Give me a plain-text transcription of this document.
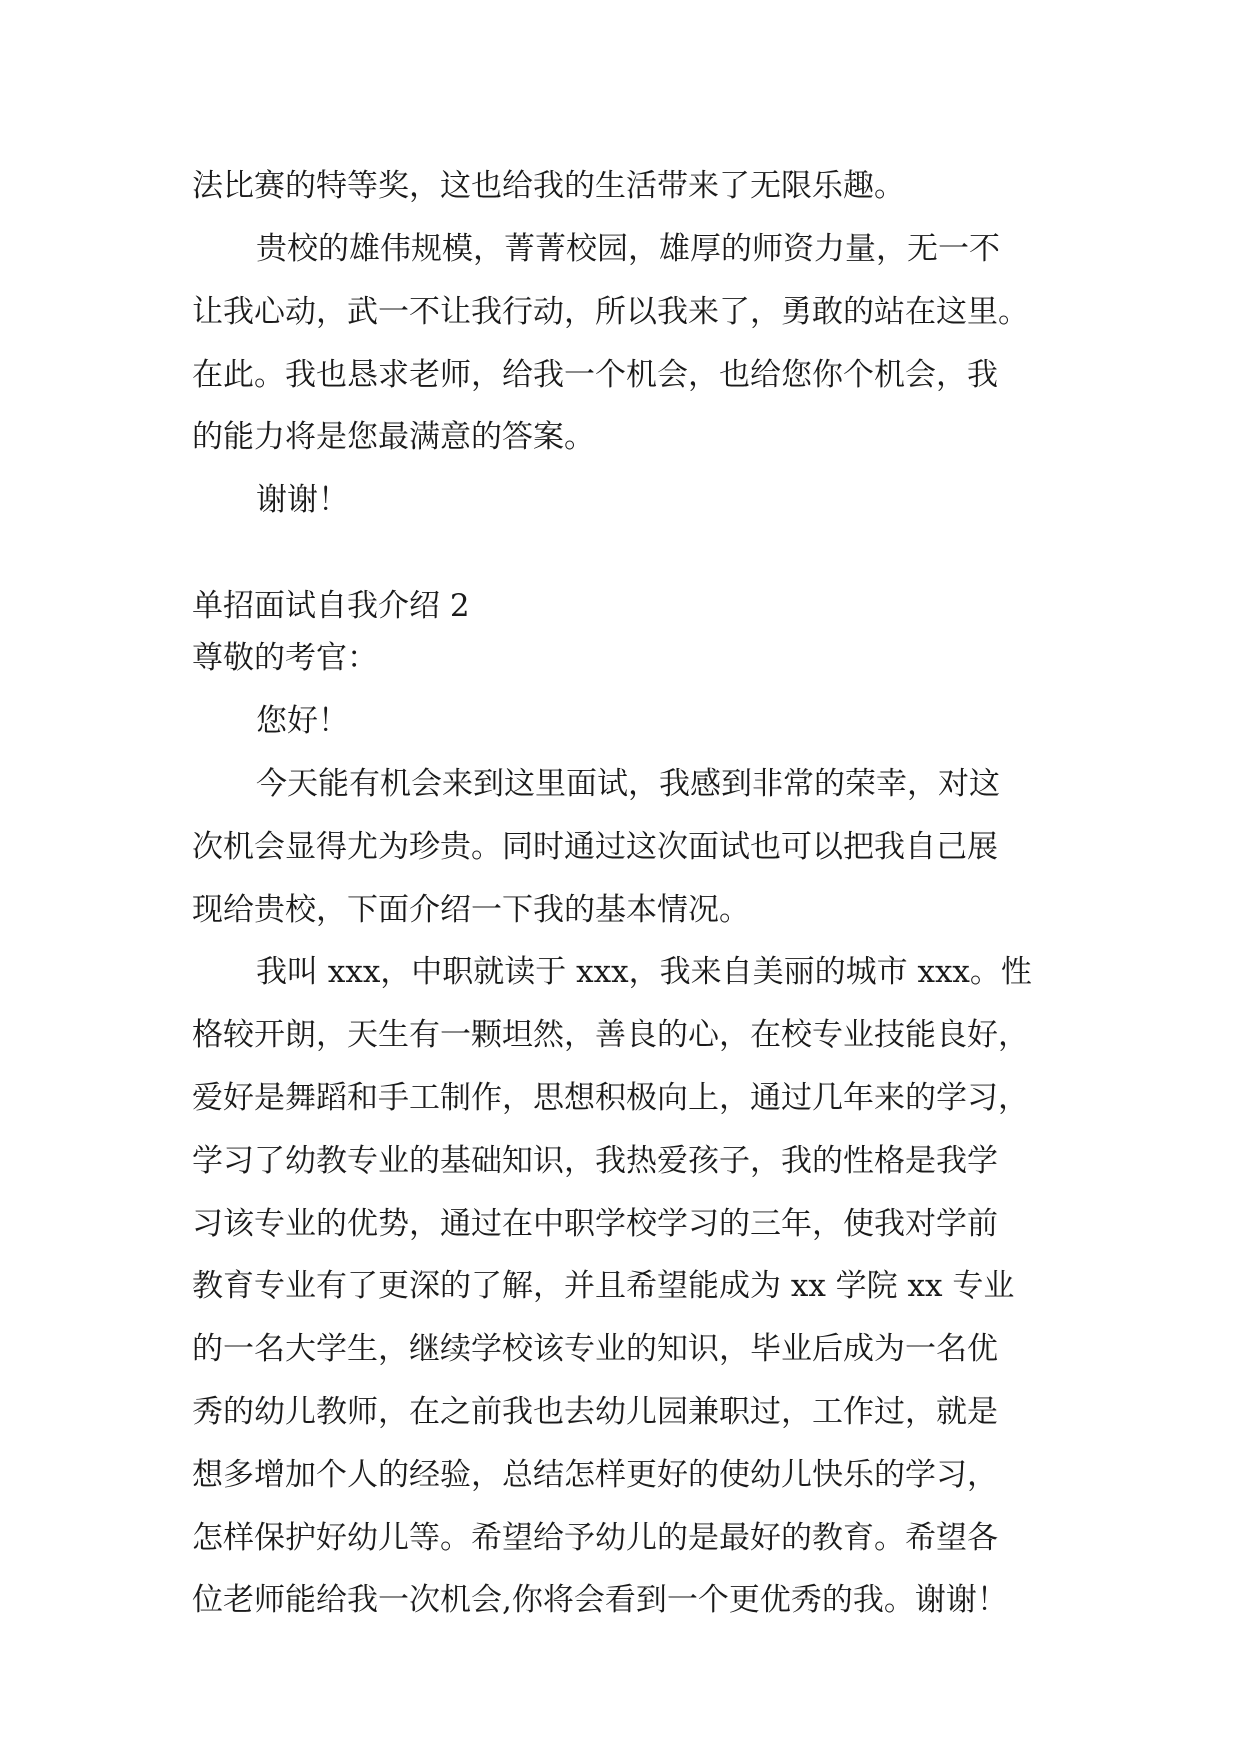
法比赛的特等奖，这也给我的生活带来了无限乐趣。

贵校的雄伟规模，菁菁校园，雄厚的师资力量，无一不

让我心动，武一不让我行动，所以我来了，勇敢的站在这里。

在此。我也恳求老师，给我一个机会，也给您你个机会，我

的能力将是您最满意的答案。

谢谢！

单招面试自我介绍 2

尊敬的考官：

您好！

今天能有机会来到这里面试，我感到非常的荣幸，对这

次机会显得尤为珍贵。同时通过这次面试也可以把我自己展

现给贵校，下面介绍一下我的基本情况。

我叫 xxx，中职就读于 xxx，我来自美丽的城市 xxx。性

格较开朗，天生有一颗坦然，善良的心，在校专业技能良好，

爱好是舞蹈和手工制作，思想积极向上，通过几年来的学习，

学习了幼教专业的基础知识，我热爱孩子，我的性格是我学

习该专业的优势，通过在中职学校学习的三年，使我对学前

教育专业有了更深的了解，并且希望能成为 xx 学院 xx 专业

的一名大学生，继续学校该专业的知识，毕业后成为一名优

秀的幼儿教师，在之前我也去幼儿园兼职过，工作过，就是

想多增加个人的经验，总结怎样更好的使幼儿快乐的学习，

怎样保护好幼儿等。希望给予幼儿的是最好的教育。希望各

位老师能给我一次机会,你将会看到一个更优秀的我。谢谢！
